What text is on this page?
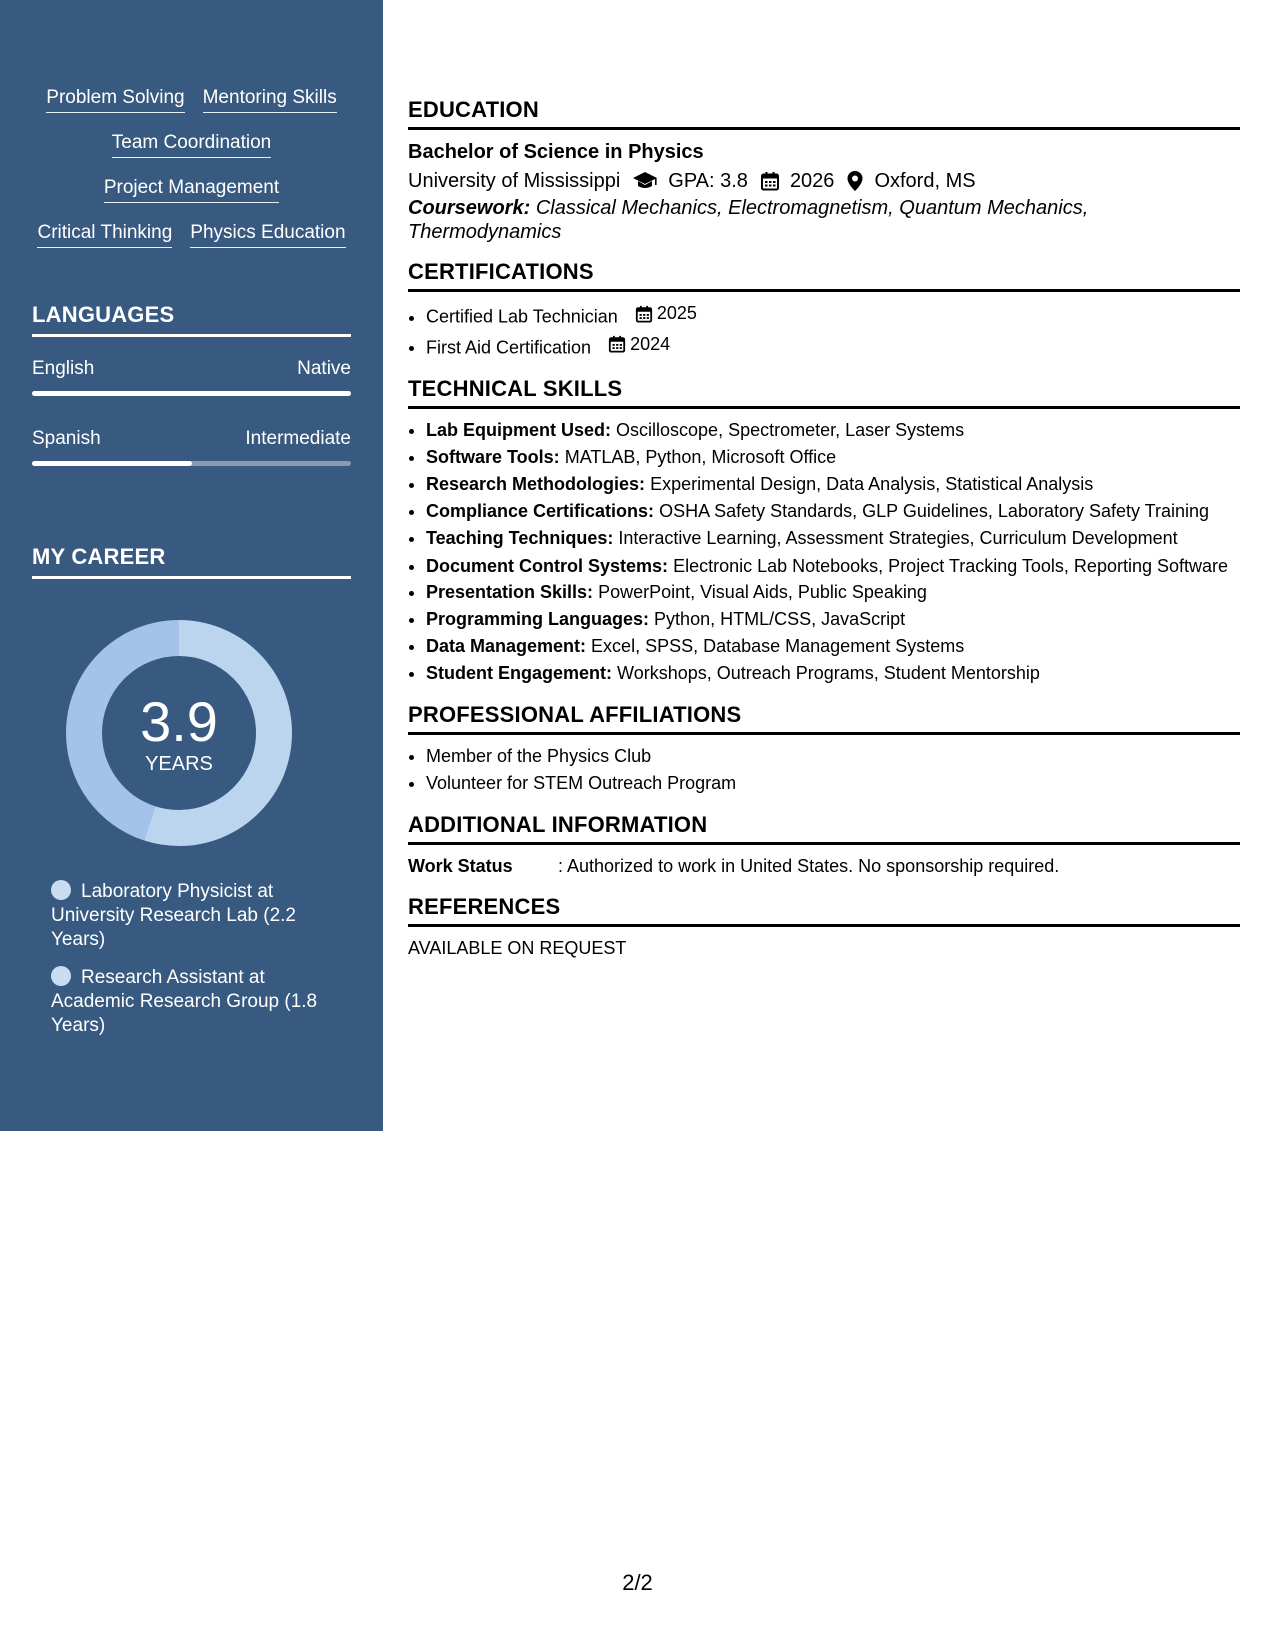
Problem Solving Mentoring Skills
Team Coordination
Project Management
Critical Thinking Physics Education
LANGUAGES
English	Native
Spanish	Intermediate
MY CAREER
3.9
YEARS
Laboratory Physicist at University Research Lab (2.2 Years)
Research Assistant at Academic Research Group (1.8 Years)
EDUCATION
Bachelor of Science in Physics
University of Mississippi GPA: 3.8 2026 Oxford, MS
Coursework: Classical Mechanics, Electromagnetism, Quantum Mechanics, Thermodynamics
CERTIFICATIONS
• Certified Lab Technician 2025
• First Aid Certification 2024
TECHNICAL SKILLS
• Lab Equipment Used: Oscilloscope, Spectrometer, Laser Systems
• Software Tools: MATLAB, Python, Microsoft Office
• Research Methodologies: Experimental Design, Data Analysis, Statistical Analysis
• Compliance Certifications: OSHA Safety Standards, GLP Guidelines, Laboratory Safety Training
• Teaching Techniques: Interactive Learning, Assessment Strategies, Curriculum Development
• Document Control Systems: Electronic Lab Notebooks, Project Tracking Tools, Reporting Software
• Presentation Skills: PowerPoint, Visual Aids, Public Speaking
• Programming Languages: Python, HTML/CSS, JavaScript
• Data Management: Excel, SPSS, Database Management Systems
• Student Engagement: Workshops, Outreach Programs, Student Mentorship
PROFESSIONAL AFFILIATIONS
• Member of the Physics Club
• Volunteer for STEM Outreach Program
ADDITIONAL INFORMATION
Work Status	: Authorized to work in United States. No sponsorship required.
REFERENCES
AVAILABLE ON REQUEST
2/2
